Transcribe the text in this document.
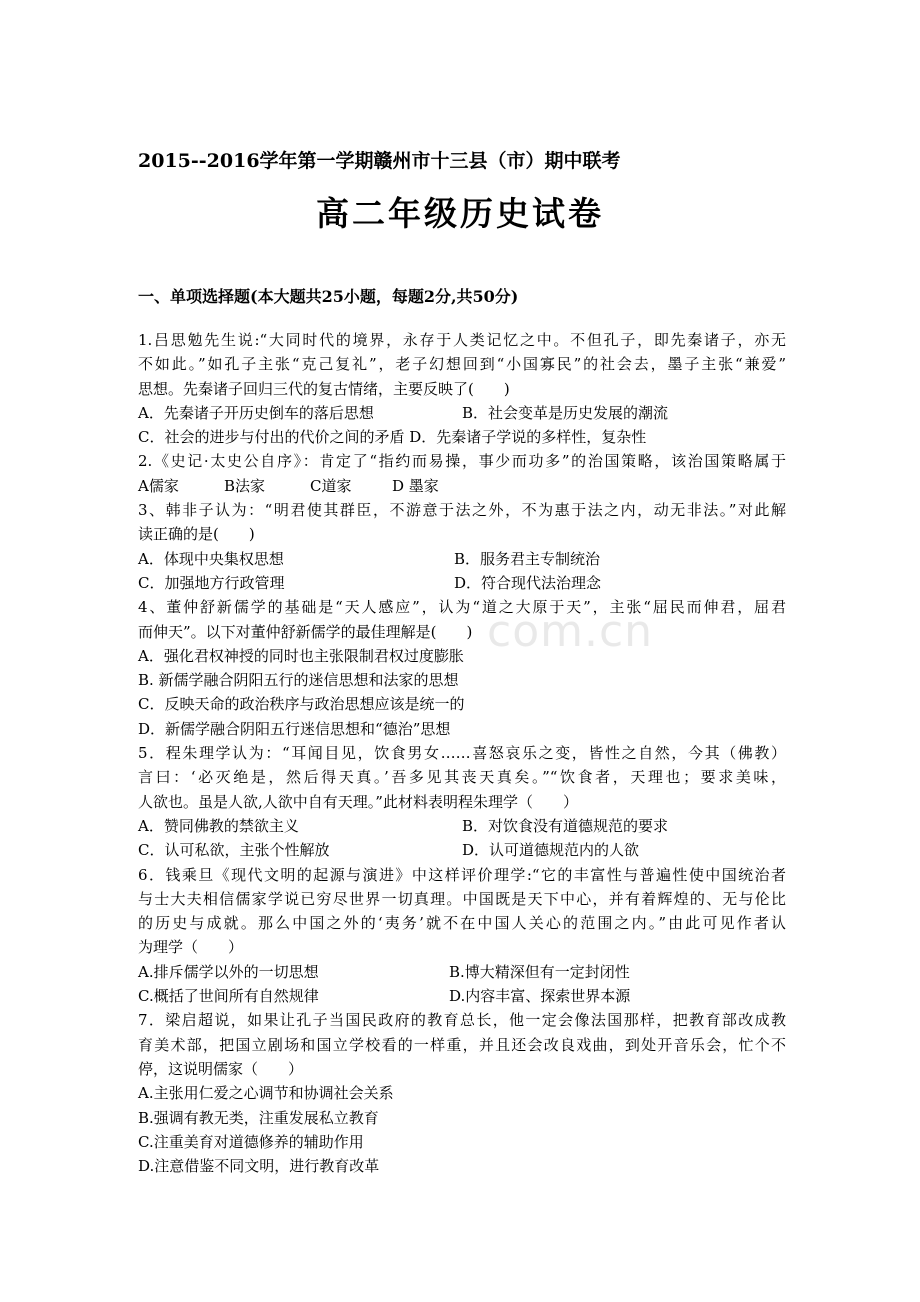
com.cn
2015--2016学年第一学期赣州市十三县（市）期中联考
高二年级历史试卷
一、单项选择题(本大题共25小题，每题2分,共50分)
1.吕思勉先生说:“大同时代的境界，永存于人类记忆之中。不但孔子，即先秦诸子，亦无
不如此。”如孔子主张“克己复礼”，老子幻想回到“小国寡民”的社会去，墨子主张“兼爱”
思想。先秦诸子回归三代的复古情绪，主要反映了(　　)
A．先秦诸子开历史倒车的落后思想	B．社会变革是历史发展的潮流
C．社会的进步与付出的代价之间的矛盾 D．先秦诸子学说的多样性，复杂性
2.《史记·太史公自序》：肯定了“指约而易操，事少而功多”的治国策略，该治国策略属于
A儒家	B法家	C道家	D 墨家
3、韩非子认为：“明君使其群臣，不游意于法之外，不为惠于法之内，动无非法。”对此解
读正确的是(　　)
A．体现中央集权思想	B．服务君主专制统治
C．加强地方行政管理	D．符合现代法治理念
4、董仲舒新儒学的基础是“天人感应”，认为“道之大原于天”，主张“屈民而伸君，屈君
而伸天”。以下对董仲舒新儒学的最佳理解是(　　)
A．强化君权神授的同时也主张限制君权过度膨胀
B. 新儒学融合阴阳五行的迷信思想和法家的思想
C．反映天命的政治秩序与政治思想应该是统一的
D．新儒学融合阴阳五行迷信思想和“德治”思想
5．程朱理学认为：“耳闻目见，饮食男女……喜怒哀乐之变，皆性之自然，今其（佛教）
言曰：‘必灭绝是，然后得天真。’吾多见其丧天真矣。”“饮食者，天理也；要求美味，
人欲也。虽是人欲,人欲中自有天理。”此材料表明程朱理学（　　）
A．赞同佛教的禁欲主义	B．对饮食没有道德规范的要求
C．认可私欲，主张个性解放	D．认可道德规范内的人欲
6．钱乘旦《现代文明的起源与演进》中这样评价理学:“它的丰富性与普遍性使中国统治者
与士大夫相信儒家学说已穷尽世界一切真理。中国既是天下中心，并有着辉煌的、无与伦比
的历史与成就。那么中国之外的‘夷务’就不在中国人关心的范围之内。”由此可见作者认
为理学（　　）
A.排斥儒学以外的一切思想	B.博大精深但有一定封闭性
C.概括了世间所有自然规律	D.内容丰富、探索世界本源
7．梁启超说，如果让孔子当国民政府的教育总长，他一定会像法国那样，把教育部改成教
育美术部，把国立剧场和国立学校看的一样重，并且还会改良戏曲，到处开音乐会，忙个不
停，这说明儒家（　　）
A.主张用仁爱之心调节和协调社会关系
B.强调有教无类，注重发展私立教育
C.注重美育对道德修养的辅助作用
D.注意借鉴不同文明，进行教育改革
